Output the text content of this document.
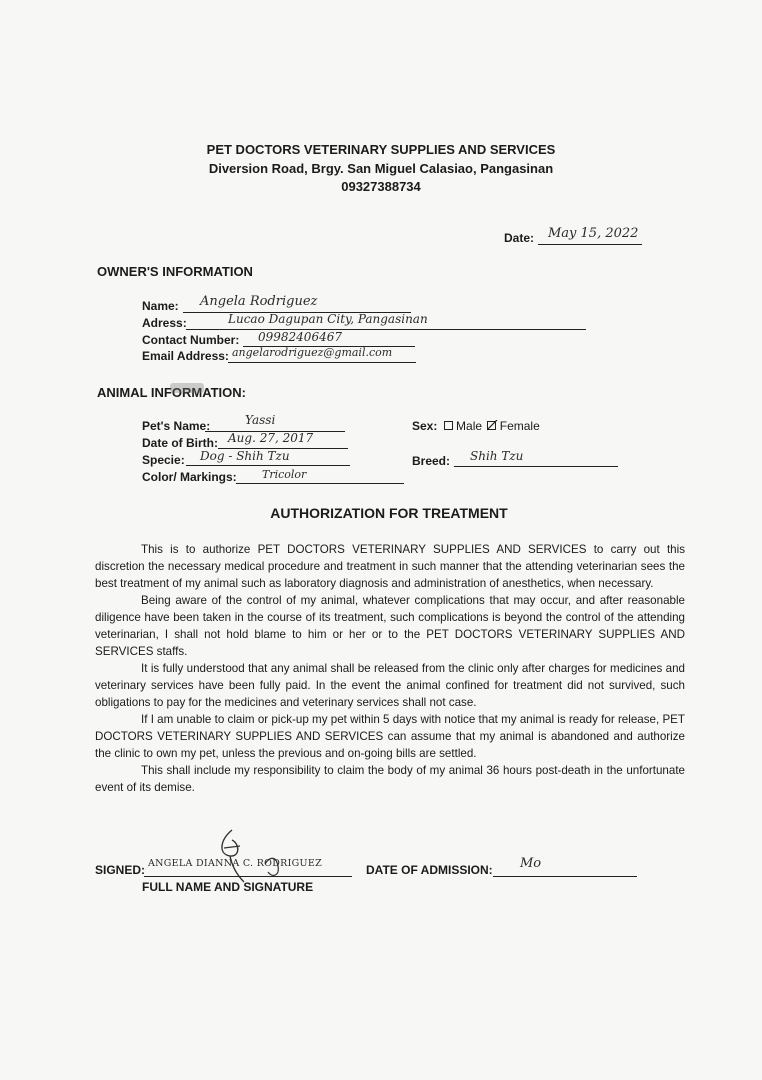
PET DOCTORS VETERINARY SUPPLIES AND SERVICES
Diversion Road, Brgy. San Miguel Calasiao, Pangasinan
09327388734
Date: May 15, 2022
OWNER'S INFORMATION
Name: Angela Rodriguez
Adress:	Lucao Dagupan City, Pangasinan
Contact Number: 09982406467
Email Address: angelarodriguez@gmail.com
ANIMAL INFORMATION:
Pet's Name:	Yassi
Date of Birth: Aug. 27, 2017
Specie: Dog - Shih Tzu
Color/ Markings: Tricolor
Sex: Male Female
Breed: Shih Tzu
AUTHORIZATION FOR TREATMENT

This is to authorize PET DOCTORS VETERINARY SUPPLIES AND SERVICES to carry out this discretion the necessary medical procedure and treatment in such manner that the attending veterinarian sees the best treatment of my animal such as laboratory diagnosis and administration of anesthetics, when necessary.

Being aware of the control of my animal, whatever complications that may occur, and after reasonable diligence have been taken in the course of its treatment, such complications is beyond the control of the attending veterinarian, I shall not hold blame to him or her or to the PET DOCTORS VETERINARY SUPPLIES AND SERVICES staffs.

It is fully understood that any animal shall be released from the clinic only after charges for medicines and veterinary services have been fully paid. In the event the animal confined for treatment did not survived, such obligations to pay for the medicines and veterinary services shall not case.

If I am unable to claim or pick-up my pet within 5 days with notice that my animal is ready for release, PET DOCTORS VETERINARY SUPPLIES AND SERVICES can assume that my animal is abandoned and authorize the clinic to own my pet, unless the previous and on-going bills are settled.

This shall include my responsibility to claim the body of my animal 36 hours post-death in the unfortunate event of its demise.

SIGNED: ANGELA DIANNA C. RODRIGUEZ
FULL NAME AND SIGNATURE
DATE OF ADMISSION: Mo
